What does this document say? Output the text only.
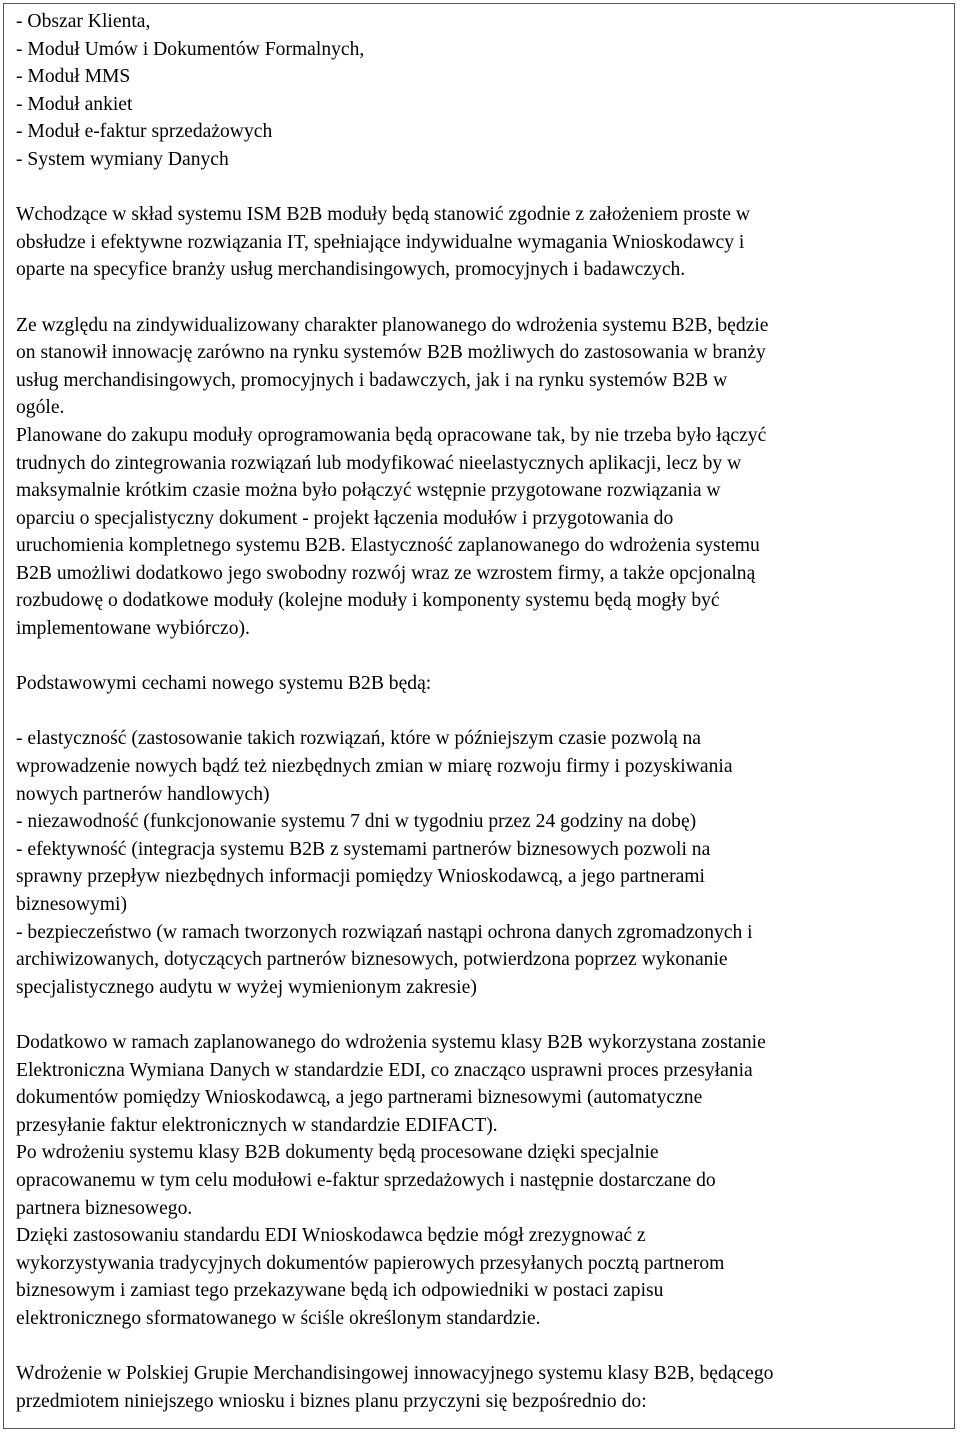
- Obszar Klienta,
- Moduł Umów i Dokumentów Formalnych,
- Moduł MMS
- Moduł ankiet
- Moduł e-faktur sprzedażowych
- System wymiany Danych
Wchodzące w skład systemu ISM B2B moduły będą stanowić zgodnie z założeniem proste w
obsłudze i efektywne rozwiązania IT, spełniające indywidualne wymagania Wnioskodawcy i
oparte na specyfice branży usług merchandisingowych, promocyjnych i badawczych.
Ze względu na zindywidualizowany charakter planowanego do wdrożenia systemu B2B, będzie
on stanowił innowację zarówno na rynku systemów B2B możliwych do zastosowania w branży
usług merchandisingowych, promocyjnych i badawczych, jak i na rynku systemów B2B w
ogóle.
Planowane do zakupu moduły oprogramowania będą opracowane tak, by nie trzeba było łączyć
trudnych do zintegrowania rozwiązań lub modyfikować nieelastycznych aplikacji, lecz by w
maksymalnie krótkim czasie można było połączyć wstępnie przygotowane rozwiązania w
oparciu o specjalistyczny dokument - projekt łączenia modułów i przygotowania do
uruchomienia kompletnego systemu B2B. Elastyczność zaplanowanego do wdrożenia systemu
B2B umożliwi dodatkowo jego swobodny rozwój wraz ze wzrostem firmy, a także opcjonalną
rozbudowę o dodatkowe moduły (kolejne moduły i komponenty systemu będą mogły być
implementowane wybiórczo).
Podstawowymi cechami nowego systemu B2B będą:
- elastyczność (zastosowanie takich rozwiązań, które w późniejszym czasie pozwolą na
wprowadzenie nowych bądź też niezbędnych zmian w miarę rozwoju firmy i pozyskiwania
nowych partnerów handlowych)
- niezawodność (funkcjonowanie systemu 7 dni w tygodniu przez 24 godziny na dobę)
- efektywność (integracja systemu B2B z systemami partnerów biznesowych pozwoli na
sprawny przepływ niezbędnych informacji pomiędzy Wnioskodawcą, a jego partnerami
biznesowymi)
- bezpieczeństwo (w ramach tworzonych rozwiązań nastąpi ochrona danych zgromadzonych i
archiwizowanych, dotyczących partnerów biznesowych, potwierdzona poprzez wykonanie
specjalistycznego audytu w wyżej wymienionym zakresie)
Dodatkowo w ramach zaplanowanego do wdrożenia systemu klasy B2B wykorzystana zostanie
Elektroniczna Wymiana Danych w standardzie EDI, co znacząco usprawni proces przesyłania
dokumentów pomiędzy Wnioskodawcą, a jego partnerami biznesowymi (automatyczne
przesyłanie faktur elektronicznych w standardzie EDIFACT).
Po wdrożeniu systemu klasy B2B dokumenty będą procesowane dzięki specjalnie
opracowanemu w tym celu modułowi e-faktur sprzedażowych i następnie dostarczane do
partnera biznesowego.
Dzięki zastosowaniu standardu EDI Wnioskodawca będzie mógł zrezygnować z
wykorzystywania tradycyjnych dokumentów papierowych przesyłanych pocztą partnerom
biznesowym i zamiast tego przekazywane będą ich odpowiedniki w postaci zapisu
elektronicznego sformatowanego w ściśle określonym standardzie.
Wdrożenie w Polskiej Grupie Merchandisingowej innowacyjnego systemu klasy B2B, będącego
przedmiotem niniejszego wniosku i biznes planu przyczyni się bezpośrednio do:
